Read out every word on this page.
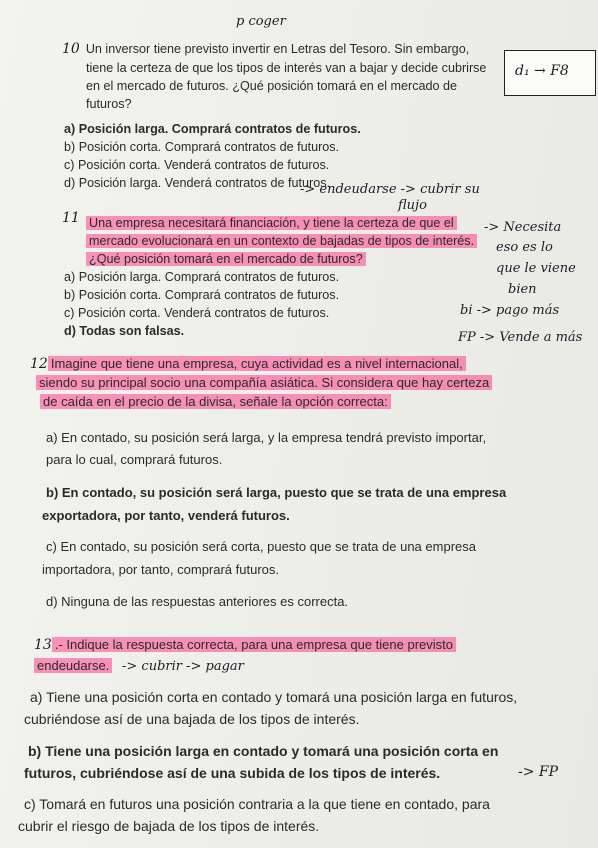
p coger
10 Un inversor tiene previsto invertir en Letras del Tesoro. Sin embargo,
tiene la certeza de que los tipos de interés van a bajar y decide cubrirse
en el mercado de futuros. ¿Qué posición tomará en el mercado de
futuros?
a) Posición larga. Comprará contratos de futuros.
b) Posición corta. Comprará contratos de futuros.
c) Posición corta. Venderá contratos de futuros.
d) Posición larga. Venderá contratos de futuros.
d₁ → F8
-> endeudarse -> cubrir su
flujo
11 Una empresa necesitará financiación, y tiene la certeza de que el
mercado evolucionará en un contexto de bajadas de tipos de interés.
¿Qué posición tomará en el mercado de futuros?
a) Posición larga. Comprará contratos de futuros.
b) Posición corta. Comprará contratos de futuros.
c) Posición corta. Venderá contratos de futuros.
d) Todas son falsas.
-> Necesita
eso es lo
que le viene
bien
bi -> pago más
FP -> Vende a más
12 Imagine que tiene una empresa, cuya actividad es a nivel internacional,
siendo su principal socio una compañía asiática. Si considera que hay certeza
de caída en el precio de la divisa, señale la opción correcta:
a) En contado, su posición será larga, y la empresa tendrá previsto importar,
para lo cual, comprará futuros.
b) En contado, su posición será larga, puesto que se trata de una empresa
exportadora, por tanto, venderá futuros.
c) En contado, su posición será corta, puesto que se trata de una empresa
importadora, por tanto, comprará futuros.
d) Ninguna de las respuestas anteriores es correcta.
13 .- Indique la respuesta correcta, para una empresa que tiene previsto
endeudarse. -> cubrir -> pagar
a) Tiene una posición corta en contado y tomará una posición larga en futuros,
cubriéndose así de una bajada de los tipos de interés.
b) Tiene una posición larga en contado y tomará una posición corta en
futuros, cubriéndose así de una subida de los tipos de interés.	-> FP
c) Tomará en futuros una posición contraria a la que tiene en contado, para
cubrir el riesgo de bajada de los tipos de interés.
